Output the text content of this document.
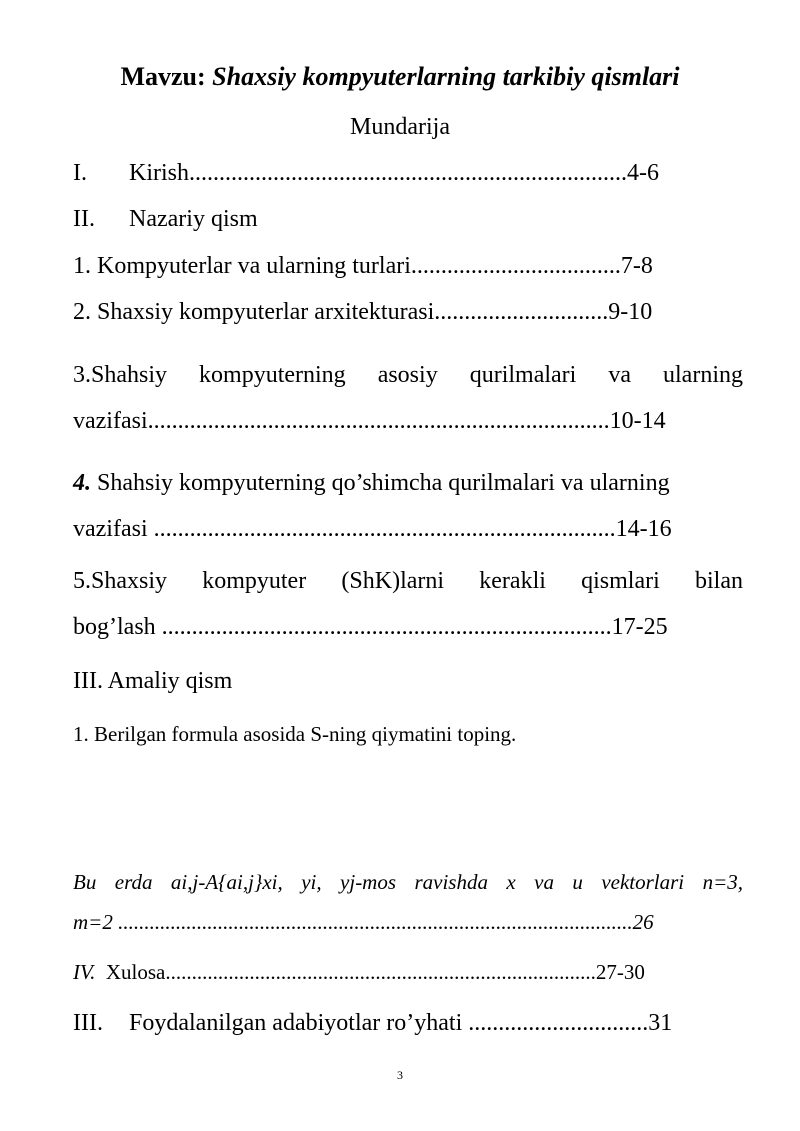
Mavzu: Shaxsiy kompyuterlarning tarkibiy qismlari
Mundarija
I. Kirish.........................................................................4-6
II. Nazariy qism
1. Kompyuterlar va ularning turlari...................................7-8
2. Shaxsiy kompyuterlar arxitekturasi.............................9-10
3.Shahsiy kompyuterning asosiy qurilmalari va ularning
vazifasi.............................................................................10-14
4. Shahsiy kompyuterning qo’shimcha qurilmalari va ularning
vazifasi .............................................................................14-16
5.Shaxsiy kompyuter (ShK)larni kerakli qismlari bilan
bog’lash ...........................................................................17-25
III. Amaliy qism
1. Berilgan formula asosida S-ning qiymatini toping.
Bu erda ai,j-A{ai,j}xi, yi, yj-mos ravishda x va u vektorlari n=3,
m=2 ..................................................................................................26
IV. Xulosa..................................................................................27-30
III. Foydalanilgan adabiyotlar ro’yhati ..............................31
3
